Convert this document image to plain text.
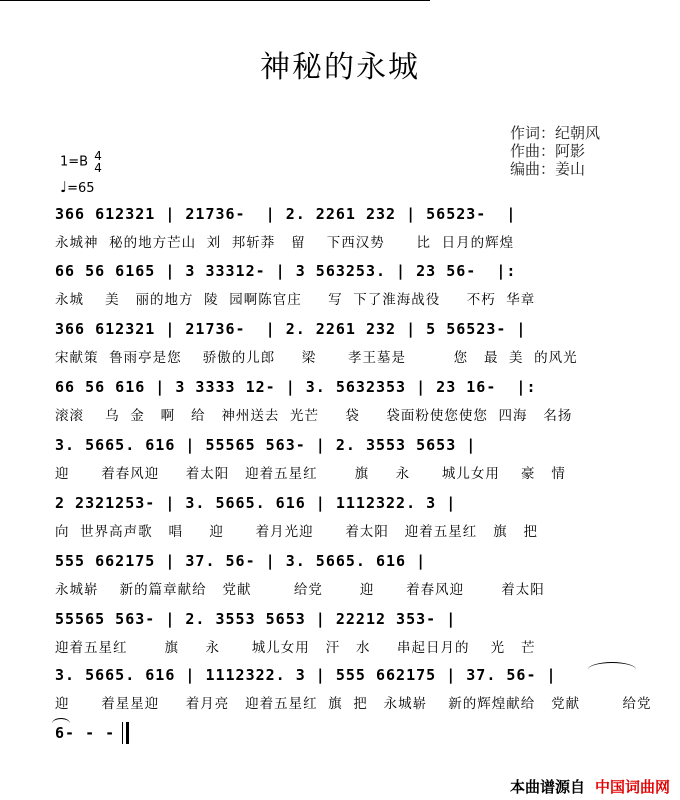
神秘的永城
作词：纪朝风
作曲：阿影
编曲：姜山
1=B 4
4
♩=65
366 612321 | 21736-  | 2. 2261 232 | 56523-  |
永城神  秘的地方芒山  刘  邦斩莽   留    下西汉势      比  日月的辉煌
66 56 6165 | 3 33312- | 3 563253. | 23 56-  |:
永城    美   丽的地方  陵  园啊陈官庄     写  下了淮海战役     不朽  华章
366 612321 | 21736-  | 2. 2261 232 | 5 56523- |
宋献策  鲁雨亭是您    骄傲的儿郎     梁      孝王墓是         您   最  美  的风光
66 56 616 | 3 3333 12- | 3. 5632353 | 23 16-  |:
滚滚    乌  金   啊   给   神州送去  光芒     袋     袋面粉使您使您  四海   名扬
3. 5665. 616 | 55565 563- | 2. 3553 5653 |
迎      着春风迎     着太阳   迎着五星红       旗     永      城儿女用    豪   情
2 2321253- | 3. 5665. 616 | 1112322. 3 |
向  世界高声歌   唱     迎      着月光迎      着太阳   迎着五星红   旗   把
555 662175 | 37. 56- | 3. 5665. 616 |
永城崭    新的篇章献给   党献        给党       迎      着春风迎       着太阳
55565 563- | 2. 3553 5653 | 22212 353- |
迎着五星红       旗     永      城儿女用   汗   水     串起日月的    光   芒
3. 5665. 616 | 1112322. 3 | 555 662175 | 37. 56- |
迎      着星星迎     着月亮   迎着五星红  旗  把   永城崭    新的辉煌献给   党献        给党
6- - -
本曲谱源自 中国词曲网
